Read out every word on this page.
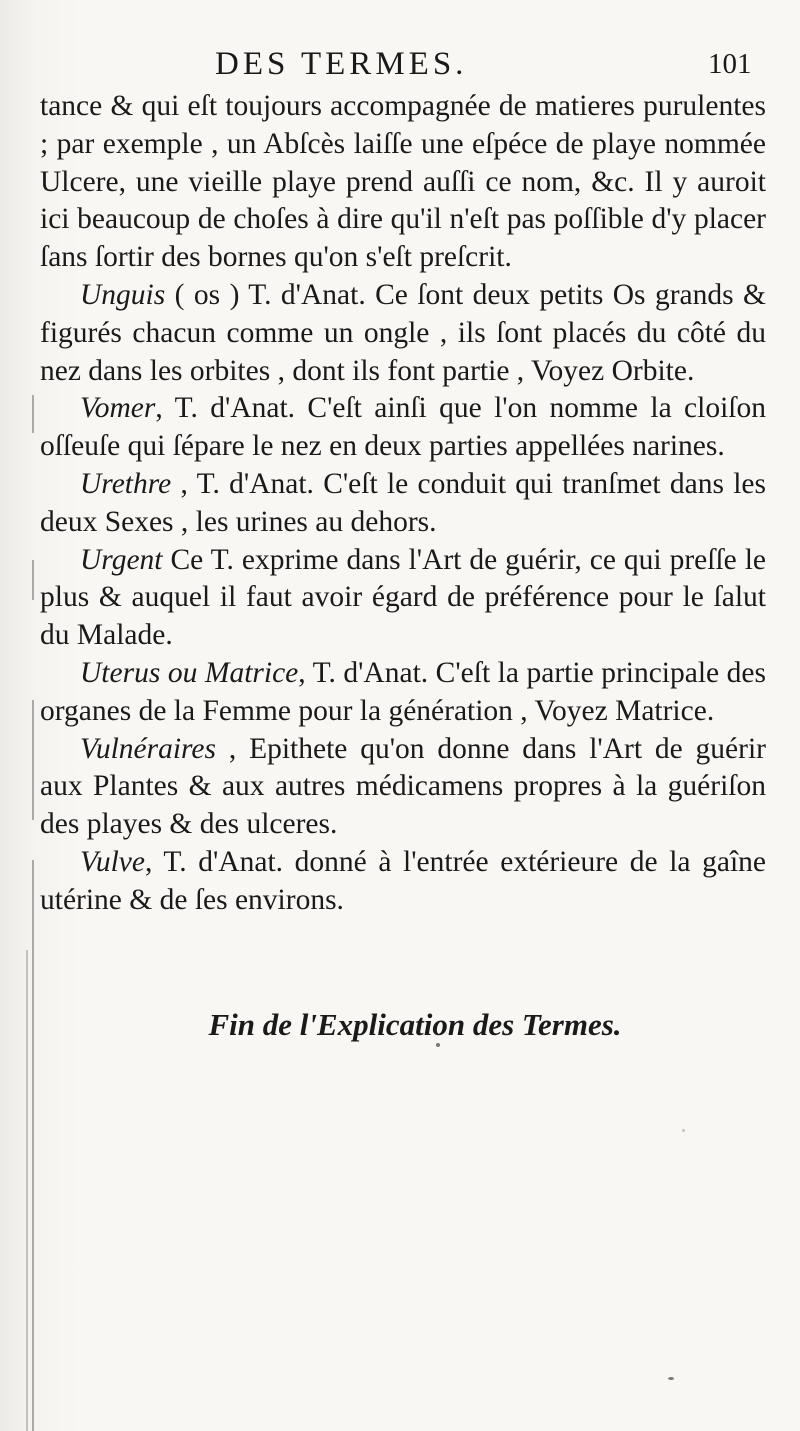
DES TERMES.	101

tance & qui eſt toujours accompagnée de matieres purulentes ; par exemple , un Abſcès laiſſe une eſpéce de playe nommée Ulcere, une vieille playe prend auſſi ce nom, &c. Il y auroit ici beaucoup de choſes à dire qu'il n'eſt pas poſſible d'y placer ſans ſortir des bornes qu'on s'eſt preſcrit.

Unguis ( os ) T. d'Anat. Ce ſont deux petits Os grands & figurés chacun comme un ongle , ils ſont placés du côté du nez dans les orbites , dont ils font partie , Voyez Orbite.

Vomer, T. d'Anat. C'eſt ainſi que l'on nomme la cloiſon oſſeuſe qui ſépare le nez en deux parties appellées narines.

Urethre , T. d'Anat. C'eſt le conduit qui tranſmet dans les deux Sexes , les urines au dehors.

Urgent Ce T. exprime dans l'Art de guérir, ce qui preſſe le plus & auquel il faut avoir égard de préférence pour le ſalut du Malade.

Uterus ou Matrice, T. d'Anat. C'eſt la partie principale des organes de la Femme pour la génération , Voyez Matrice.

Vulnéraires , Epithete qu'on donne dans l'Art de guérir aux Plantes & aux autres médicamens propres à la guériſon des playes & des ulceres.

Vulve, T. d'Anat. donné à l'entrée extérieure de la gaîne utérine & de ſes environs.

Fin de l'Explication des Termes.
